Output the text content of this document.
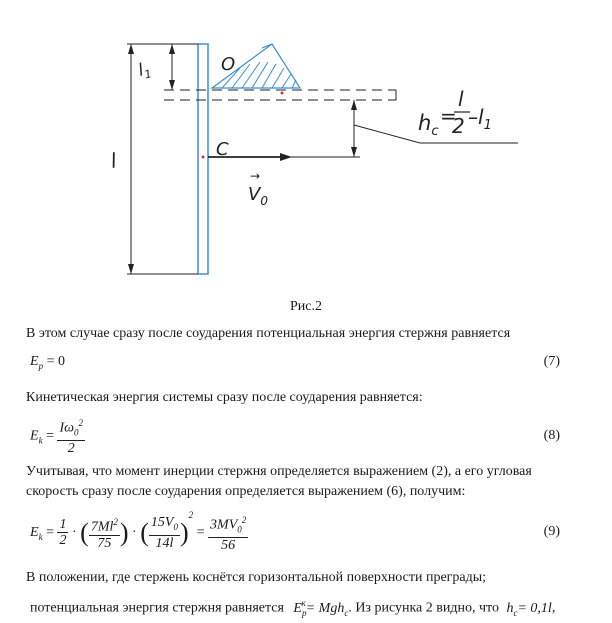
O
C
l
$l_1$
$V_0$
→
$h_c$
=
l
2 $-l_1$
Рис.2
В этом случае сразу после соударения потенциальная энергия стержня равняется
$E_p = 0$	(7)
Кинетическая энергия системы сразу после соударения равняется:
$E_k = \frac{I\omega_0^2}{2}$	(8)
Учитывая, что момент инерции стержня определяется выражением (2), а его угловая
скорость сразу после соударения определяется выражением (6), получим:
$E_k = \frac{1}{2}$ · ( $\frac{7Ml^2}{75}$ ) · ( $\frac{15V_0}{14l} )^2 = \frac{3MV_0^2}{56}$	(9)
В положении, где стержень коснётся горизонтальной поверхности преграды;
потенциальная энергия стержня равняется $E_p^к= Mgh_c$. Из рисунка 2 видно, что $h_c= 0,1l$,
